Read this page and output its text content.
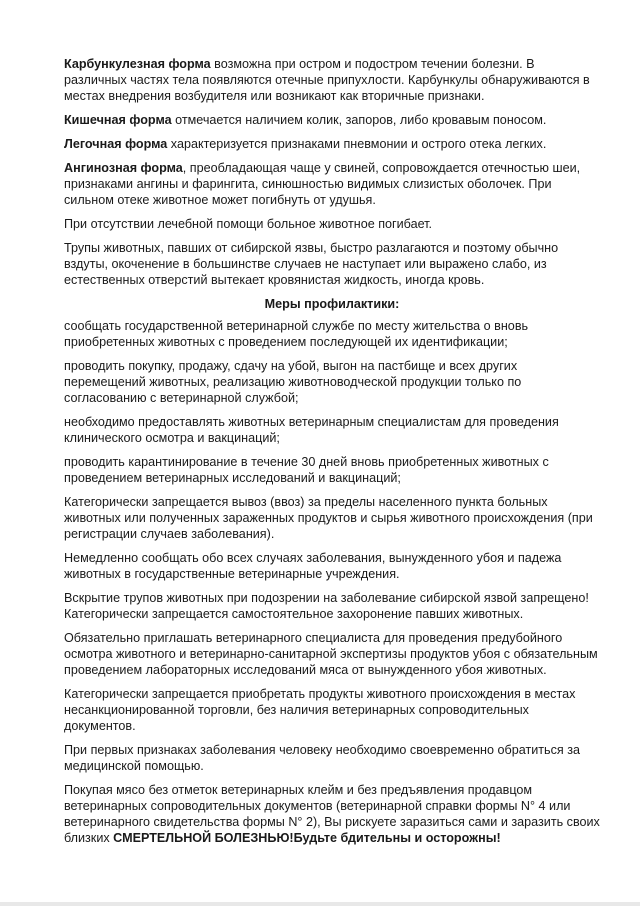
Карбункулезная форма возможна при остром и подостром течении болезни. В различных частях тела появляются отечные припухлости. Карбункулы обнаруживаются в местах внедрения возбудителя или возникают как вторичные признаки.

Кишечная форма отмечается наличием колик, запоров, либо кровавым поносом.

Легочная форма характеризуется признаками пневмонии и острого отека легких.

Ангинозная форма, преобладающая чаще у свиней, сопровождается отечностью шеи, признаками ангины и фарингита, синюшностью видимых слизистых оболочек. При сильном отеке животное может погибнуть от удушья.

При отсутствии лечебной помощи больное животное погибает.

Трупы животных, павших от сибирской язвы, быстро разлагаются и поэтому обычно вздуты, окоченение в большинстве случаев не наступает или выражено слабо, из естественных отверстий вытекает кровянистая жидкость, иногда кровь.

Меры профилактики:

сообщать государственной ветеринарной службе по месту жительства о вновь приобретенных животных с проведением последующей их идентификации;

проводить покупку, продажу, сдачу на убой, выгон на пастбище и всех других перемещений животных, реализацию животноводческой продукции только по согласованию с ветеринарной службой;

необходимо предоставлять животных ветеринарным специалистам для проведения клинического осмотра и вакцинаций;

проводить карантинирование в течение 30 дней вновь приобретенных животных с проведением ветеринарных исследований и вакцинаций;

Категорически запрещается вывоз (ввоз) за пределы населенного пункта больных животных или полученных зараженных продуктов и сырья животного происхождения (при регистрации случаев заболевания).

Немедленно сообщать обо всех случаях заболевания, вынужденного убоя и падежа животных в государственные ветеринарные учреждения.

Вскрытие трупов животных при подозрении на заболевание сибирской язвой запрещено! Категорически запрещается самостоятельное захоронение павших животных.

Обязательно приглашать ветеринарного специалиста для проведения предубойного осмотра животного и ветеринарно-санитарной экспертизы продуктов убоя с обязательным проведением лабораторных исследований мяса от вынужденного убоя животных.

Категорически запрещается приобретать продукты животного происхождения в местах несанкционированной торговли, без наличия ветеринарных сопроводительных документов.

При первых признаках заболевания человеку необходимо своевременно обратиться за медицинской помощью.

Покупая мясо без отметок ветеринарных клейм и без предъявления продавцом ветеринарных сопроводительных документов (ветеринарной справки формы N° 4 или ветеринарного свидетельства формы N° 2), Вы рискуете заразиться сами и заразить своих близких СМЕРТЕЛЬНОЙ БОЛЕЗНЬЮ!Будьте бдительны и осторожны!
